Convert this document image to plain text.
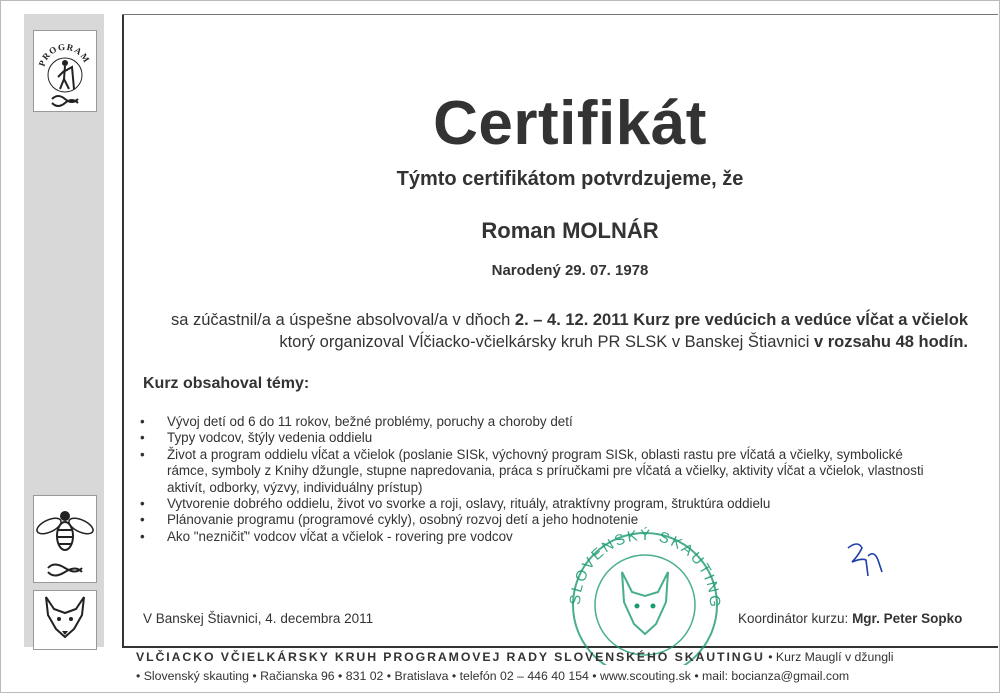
PROGRAM
Certifikát
Týmto certifikátom potvrdzujeme, že
Roman MOLNÁR
Narodený 29. 07. 1978
sa zúčastnil/a a úspešne absolvoval/a v dňoch 2. – 4. 12. 2011 Kurz pre vedúcich a vedúce vĺčat a včielok ktorý organizoval Vĺčiacko-včielkársky kruh PR SLSK v Banskej Štiavnici v rozsahu 48 hodín.
Kurz obsahoval témy:
• Vývoj detí od 6 do 11 rokov, bežné problémy, poruchy a choroby detí
• Typy vodcov, štýly vedenia oddielu
• Život a program oddielu vĺčat a včielok (poslanie SISk, výchovný program SISk, oblasti rastu pre vĺčatá a včielky, symbolické rámce, symboly z Knihy džungle, stupne napredovania, práca s príručkami pre vĺčatá a včielky, aktivity vĺčat a včielok, vlastnosti aktivít, odborky, výzvy, individuálny prístup)
• Vytvorenie dobrého oddielu, život vo svorke a roji, oslavy, rituály, atraktívny program, štruktúra oddielu
• Plánovanie programu (programové cykly), osobný rozvoj detí a jeho hodnotenie
• Ako "nezničiť" vodcov vĺčat a včielok - rovering pre vodcov
SLOVENSKÝ SKAUTING
V Banskej Štiavnici, 4. decembra 2011	Koordinátor kurzu: Mgr. Peter Sopko
VLČIACKO VČIELKÁRSKY KRUH PROGRAMOVEJ RADY SLOVENSKÉHO SKAUTINGU • Kurz Mauglí v džungli
• Slovenský skauting • Račianska 96 • 831 02 • Bratislava • telefón 02 – 446 40 154 • www.scouting.sk • mail: bocianza@gmail.com
